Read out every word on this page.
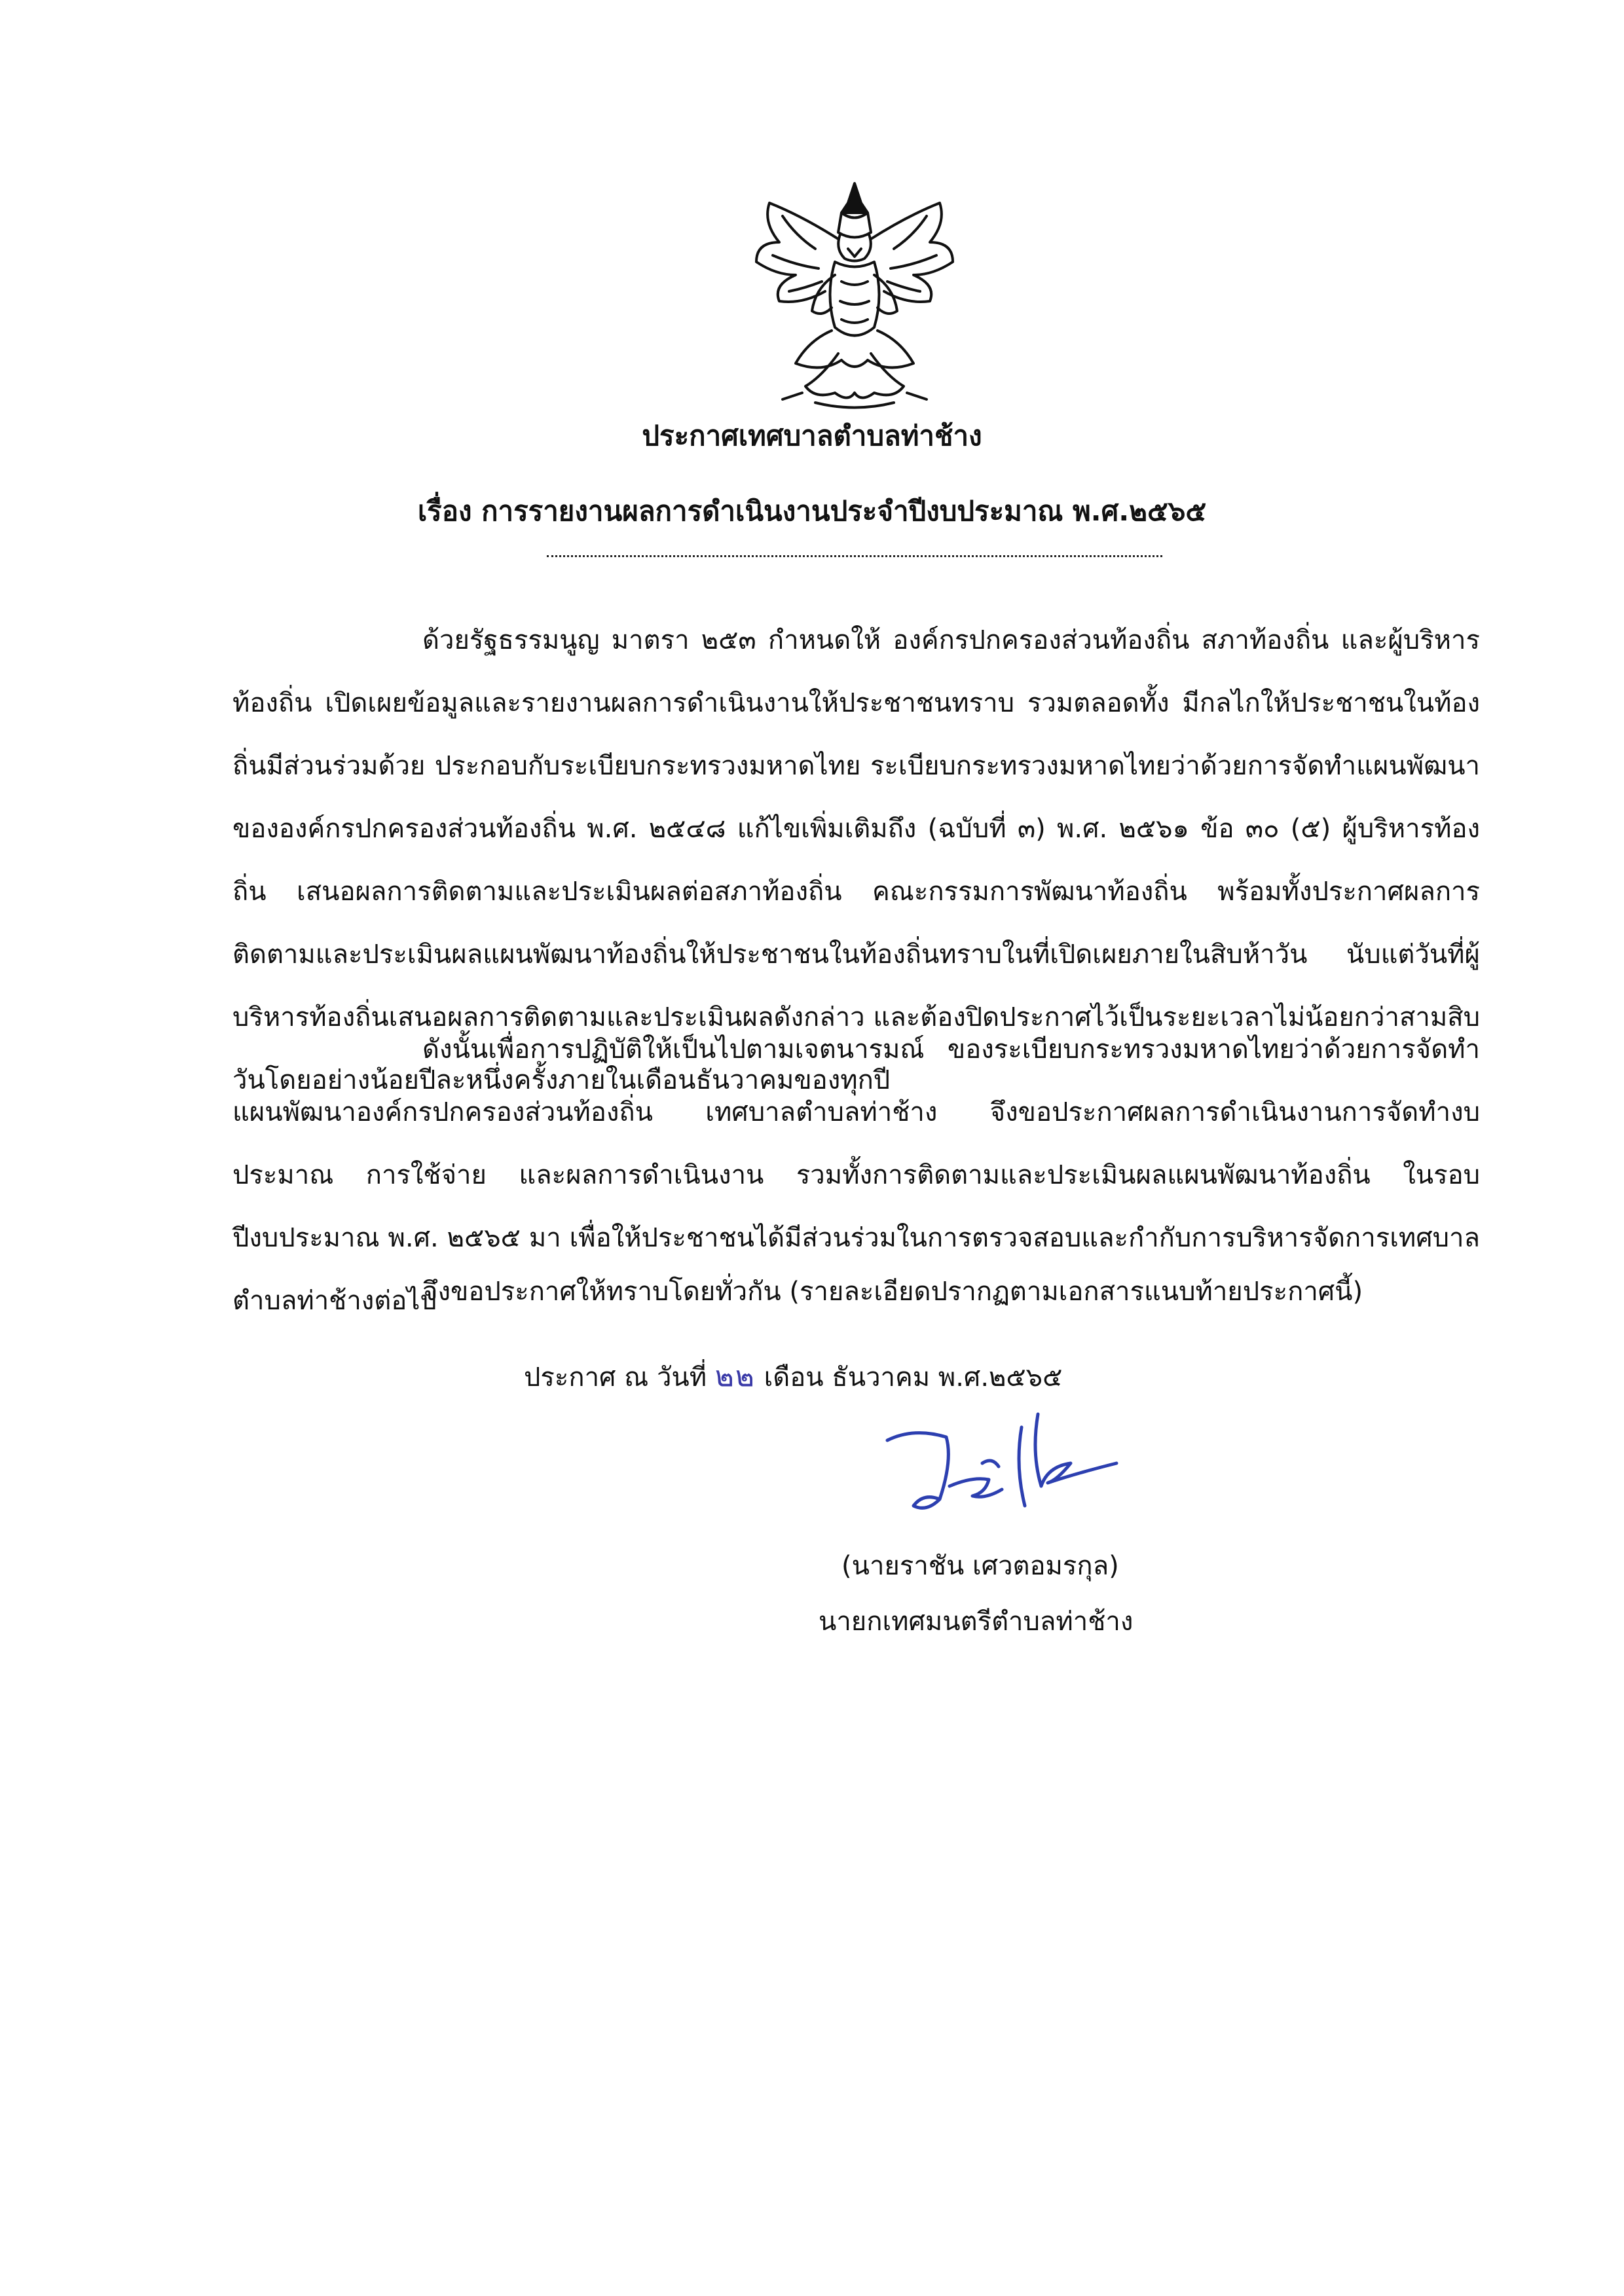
ประกาศเทศบาลตำบลท่าช้าง
เรื่อง การรายงานผลการดำเนินงานประจำปีงบประมาณ พ.ศ.๒๕๖๕

ด้วยรัฐธรรมนูญ มาตรา ๒๕๓ กำหนดให้ องค์กรปกครองส่วนท้องถิ่น สภาท้องถิ่น และผู้บริหารท้องถิ่น เปิดเผยข้อมูลและรายงานผลการดำเนินงานให้ประชาชนทราบ รวมตลอดทั้ง มีกลไกให้ประชาชนในท้องถิ่นมีส่วนร่วมด้วย ประกอบกับระเบียบกระทรวงมหาดไทย ระเบียบกระทรวงมหาดไทยว่าด้วยการจัดทำแผนพัฒนาขององค์กรปกครองส่วนท้องถิ่น พ.ศ. ๒๕๔๘ แก้ไขเพิ่มเติมถึง (ฉบับที่ ๓) พ.ศ. ๒๕๖๑ ข้อ ๓๐ (๕) ผู้บริหารท้องถิ่น เสนอผลการติดตามและประเมินผลต่อสภาท้องถิ่น คณะกรรมการพัฒนาท้องถิ่น พร้อมทั้งประกาศผลการติดตามและประเมินผลแผนพัฒนาท้องถิ่นให้ประชาชนในท้องถิ่นทราบในที่เปิดเผยภายในสิบห้าวัน นับแต่วันที่ผู้บริหารท้องถิ่นเสนอผลการติดตามและประเมินผลดังกล่าว และต้องปิดประกาศไว้เป็นระยะเวลาไม่น้อยกว่าสามสิบวันโดยอย่างน้อยปีละหนึ่งครั้งภายในเดือนธันวาคมของทุกปี

ดังนั้นเพื่อการปฏิบัติให้เป็นไปตามเจตนารมณ์ ของระเบียบกระทรวงมหาดไทยว่าด้วยการจัดทำแผนพัฒนาองค์กรปกครองส่วนท้องถิ่น เทศบาลตำบลท่าช้าง จึงขอประกาศผลการดำเนินงานการจัดทำงบประมาณ การใช้จ่าย และผลการดำเนินงาน รวมทั้งการติดตามและประเมินผลแผนพัฒนาท้องถิ่น ในรอบปีงบประมาณ พ.ศ. ๒๕๖๕ มา เพื่อให้ประชาชนได้มีส่วนร่วมในการตรวจสอบและกำกับการบริหารจัดการเทศบาลตำบลท่าช้างต่อไป

จึงขอประกาศให้ทราบโดยทั่วกัน (รายละเอียดปรากฏตามเอกสารแนบท้ายประกาศนี้)

ประกาศ ณ วันที่ ๒๒ เดือน ธันวาคม พ.ศ.๒๕๖๕
(นายราชัน เศวตอมรกุล)
นายกเทศมนตรีตำบลท่าช้าง
